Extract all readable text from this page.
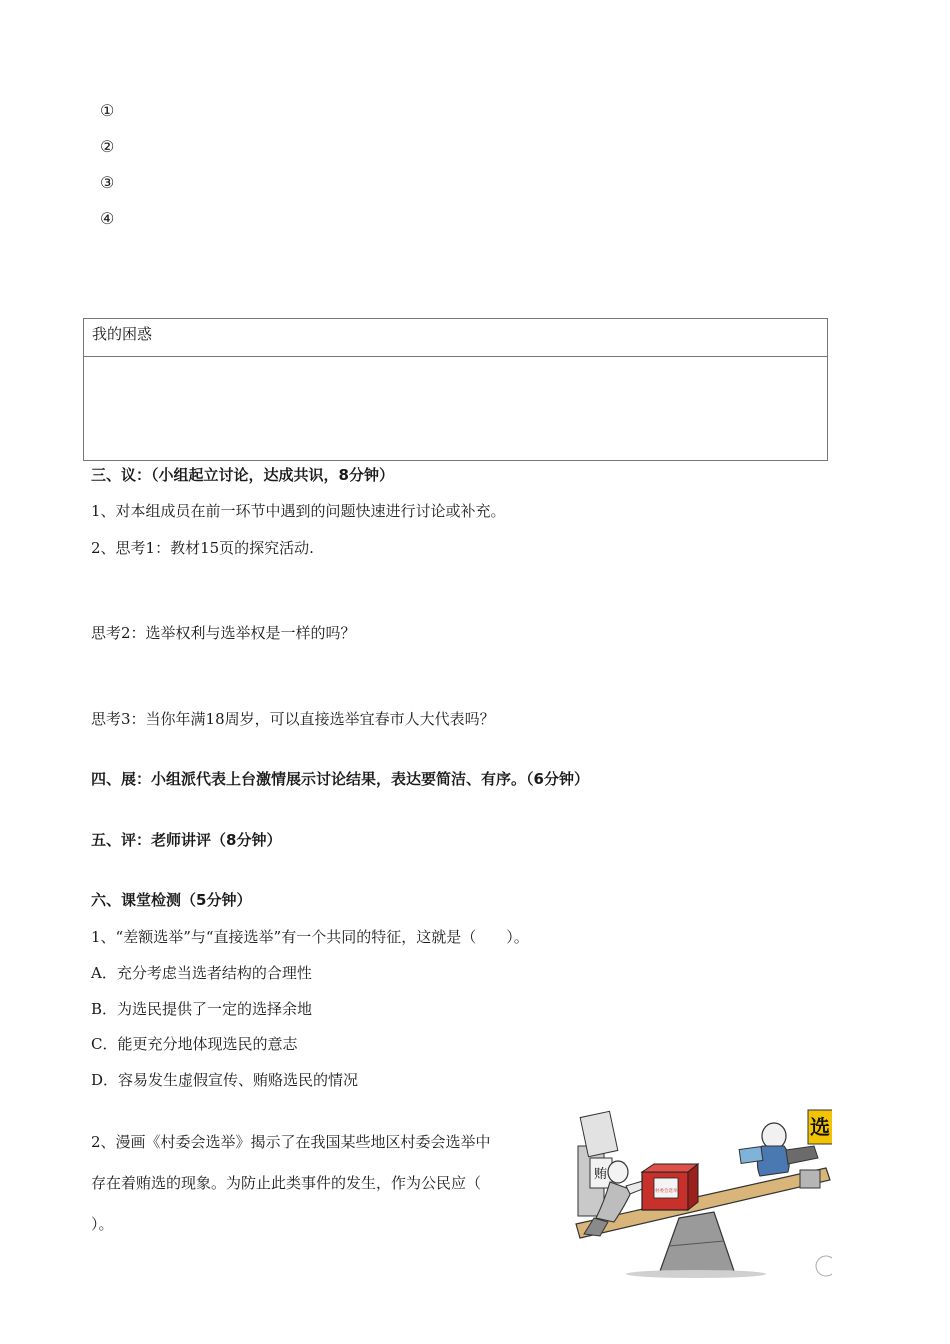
①
②
③
④
我的困惑
三、议：（小组起立讨论，达成共识，8分钟）
1、对本组成员在前一环节中遇到的问题快速进行讨论或补充。
2、思考1：教材15页的探究活动.
思考2：选举权利与选举权是一样的吗？
思考3：当你年满18周岁，可以直接选举宜春市人大代表吗？
四、展：小组派代表上台激情展示讨论结果，表达要简洁、有序。（6分钟）
五、评：老师讲评（8分钟）
六、课堂检测（5分钟）
1、“差额选举”与“直接选举”有一个共同的特征，这就是（　　）。
A．充分考虑当选者结构的合理性
B．为选民提供了一定的选择余地
C．能更充分地体现选民的意志
D．容易发生虚假宣传、贿赂选民的情况
2、漫画《村委会选举》揭示了在我国某些地区村委会选举中
存在着贿选的现象。为防止此类事件的发生，作为公民应（
）。
贿
村委会选举
选
